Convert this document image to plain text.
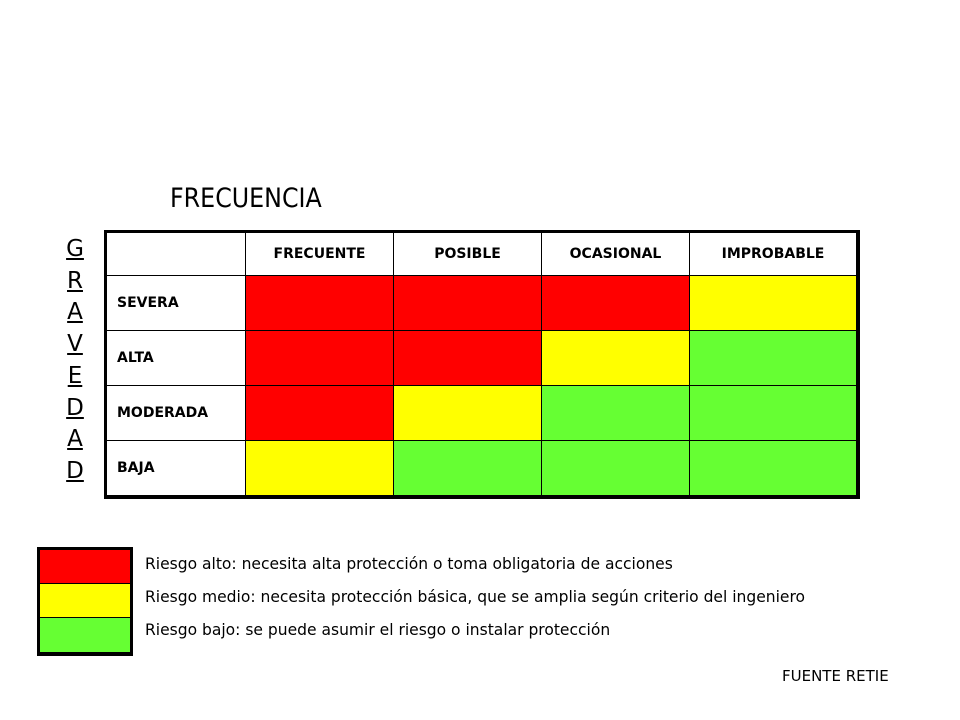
FRECUENCIA
G
R
A
V
E
D
A
D
	FRECUENTE	POSIBLE	OCASIONAL	IMPROBABLE
SEVERA				
ALTA				
MODERADA				
BAJA				
Riesgo alto: necesita alta protección o toma obligatoria de acciones
Riesgo medio: necesita protección básica, que se amplia según criterio del ingeniero
Riesgo bajo: se puede asumir el riesgo o instalar protección
FUENTE RETIE
